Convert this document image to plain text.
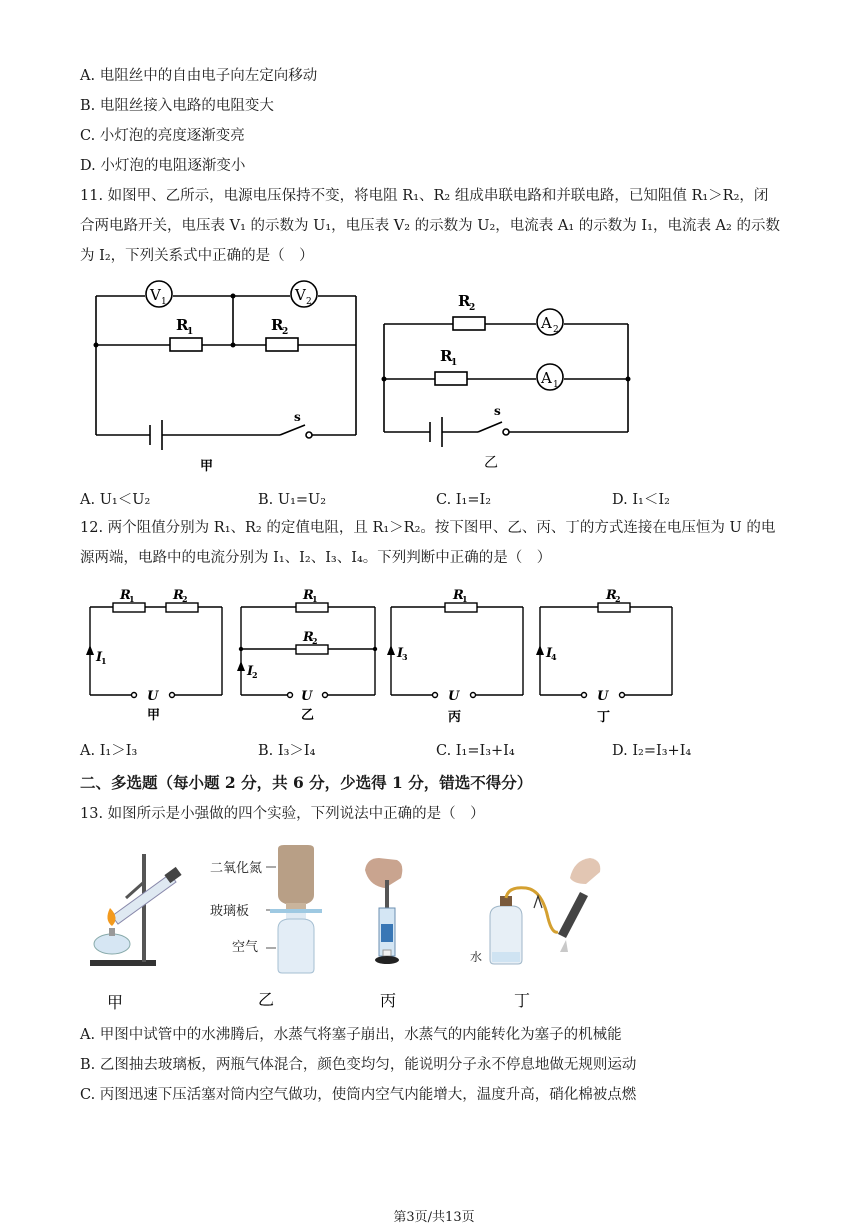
A. 电阻丝中的自由电子向左定向移动
B. 电阻丝接入电路的电阻变大
C. 小灯泡的亮度逐渐变亮
D. 小灯泡的电阻逐渐变小
11. 如图甲、乙所示，电源电压保持不变，将电阻 R₁、R₂ 组成串联电路和并联电路，已知阻值 R₁＞R₂，闭
合两电路开关，电压表 V₁ 的示数为 U₁，电压表 V₂ 的示数为 U₂，电流表 A₁ 的示数为 I₁，电流表 A₂ 的示数
为 I₂，下列关系式中正确的是（　）
V 1	V 2
R
1	R
2
s
甲
R
2
A 2
R
1
A 1
s
乙
A. U₁＜U₂	B. U₁=U₂	C. I₁=I₂	D. I₁＜I₂
12. 两个阻值分别为 R₁、R₂ 的定值电阻，且 R₁＞R₂。按下图甲、乙、丙、丁的方式连接在电压恒为 U 的电
源两端，电路中的电流分别为 I₁、I₂、I₃、I₄。下列判断中正确的是（　）
R
1	R
2
I
1
U
甲
R
1
R
2
I
2
U
乙
R
1
I
3
U
丙
R
2
I
4
U
丁
A. I₁＞I₃	B. I₃＞I₄	C. I₁=I₃+I₄	D. I₂=I₃+I₄
二、多选题（每小题 2 分，共 6 分，少选得 1 分，错选不得分）
13. 如图所示是小强做的四个实验，下列说法中正确的是（　）
甲
二氧化氮
玻璃板
空气
乙	丙
水
丁
A. 甲图中试管中的水沸腾后，水蒸气将塞子崩出，水蒸气的内能转化为塞子的机械能
B. 乙图抽去玻璃板，两瓶气体混合，颜色变均匀，能说明分子永不停息地做无规则运动
C. 丙图迅速下压活塞对筒内空气做功，使筒内空气内能增大，温度升高，硝化棉被点燃
第3页/共13页
